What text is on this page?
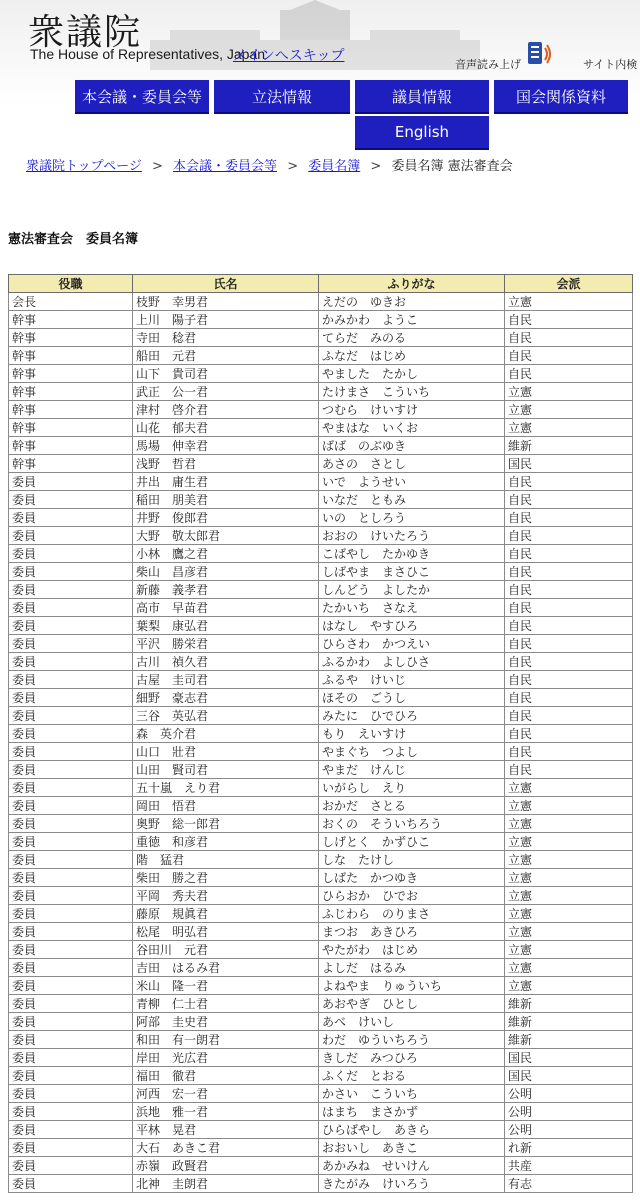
衆議院
The House of Representatives, Japan
メインへスキップ
音声読み上げ	サイト内検
本会議・委員会等	立法情報	議員情報	国会関係資料
English
衆議院トップページ > 本会議・委員会等 > 委員名簿 > 委員名簿 憲法審査会
憲法審査会　委員名簿
役職	氏名	ふりがな	会派
会長	枝野　幸男君	えだの　ゆきお	立憲
幹事	上川　陽子君	かみかわ　ようこ	自民
幹事	寺田　稔君	てらだ　みのる	自民
幹事	船田　元君	ふなだ　はじめ	自民
幹事	山下　貴司君	やました　たかし	自民
幹事	武正　公一君	たけまさ　こういち	立憲
幹事	津村　啓介君	つむら　けいすけ	立憲
幹事	山花　郁夫君	やまはな　いくお	立憲
幹事	馬場　伸幸君	ばば　のぶゆき	維新
幹事	浅野　哲君	あさの　さとし	国民
委員	井出　庸生君	いで　ようせい	自民
委員	稲田　朋美君	いなだ　ともみ	自民
委員	井野　俊郎君	いの　としろう	自民
委員	大野　敬太郎君	おおの　けいたろう	自民
委員	小林　鷹之君	こばやし　たかゆき	自民
委員	柴山　昌彦君	しばやま　まさひこ	自民
委員	新藤　義孝君	しんどう　よしたか	自民
委員	高市　早苗君	たかいち　さなえ	自民
委員	葉梨　康弘君	はなし　やすひろ	自民
委員	平沢　勝栄君	ひらさわ　かつえい	自民
委員	古川　禎久君	ふるかわ　よしひさ	自民
委員	古屋　圭司君	ふるや　けいじ	自民
委員	細野　豪志君	ほその　ごうし	自民
委員	三谷　英弘君	みたに　ひでひろ	自民
委員	森　英介君	もり　えいすけ	自民
委員	山口　壯君	やまぐち　つよし	自民
委員	山田　賢司君	やまだ　けんじ	自民
委員	五十嵐　えり君	いがらし　えり	立憲
委員	岡田　悟君	おかだ　さとる	立憲
委員	奥野　総一郎君	おくの　そういちろう	立憲
委員	重徳　和彦君	しげとく　かずひこ	立憲
委員	階　猛君	しな　たけし	立憲
委員	柴田　勝之君	しばた　かつゆき	立憲
委員	平岡　秀夫君	ひらおか　ひでお	立憲
委員	藤原　規眞君	ふじわら　のりまさ	立憲
委員	松尾　明弘君	まつお　あきひろ	立憲
委員	谷田川　元君	やたがわ　はじめ	立憲
委員	吉田　はるみ君	よしだ　はるみ	立憲
委員	米山　隆一君	よねやま　りゅういち	立憲
委員	青柳　仁士君	あおやぎ　ひとし	維新
委員	阿部　圭史君	あべ　けいし	維新
委員	和田　有一朗君	わだ　ゆういちろう	維新
委員	岸田　光広君	きしだ　みつひろ	国民
委員	福田　徹君	ふくだ　とおる	国民
委員	河西　宏一君	かさい　こういち	公明
委員	浜地　雅一君	はまち　まさかず	公明
委員	平林　晃君	ひらばやし　あきら	公明
委員	大石　あきこ君	おおいし　あきこ	れ新
委員	赤嶺　政賢君	あかみね　せいけん	共産
委員	北神　圭朗君	きたがみ　けいろう	有志
